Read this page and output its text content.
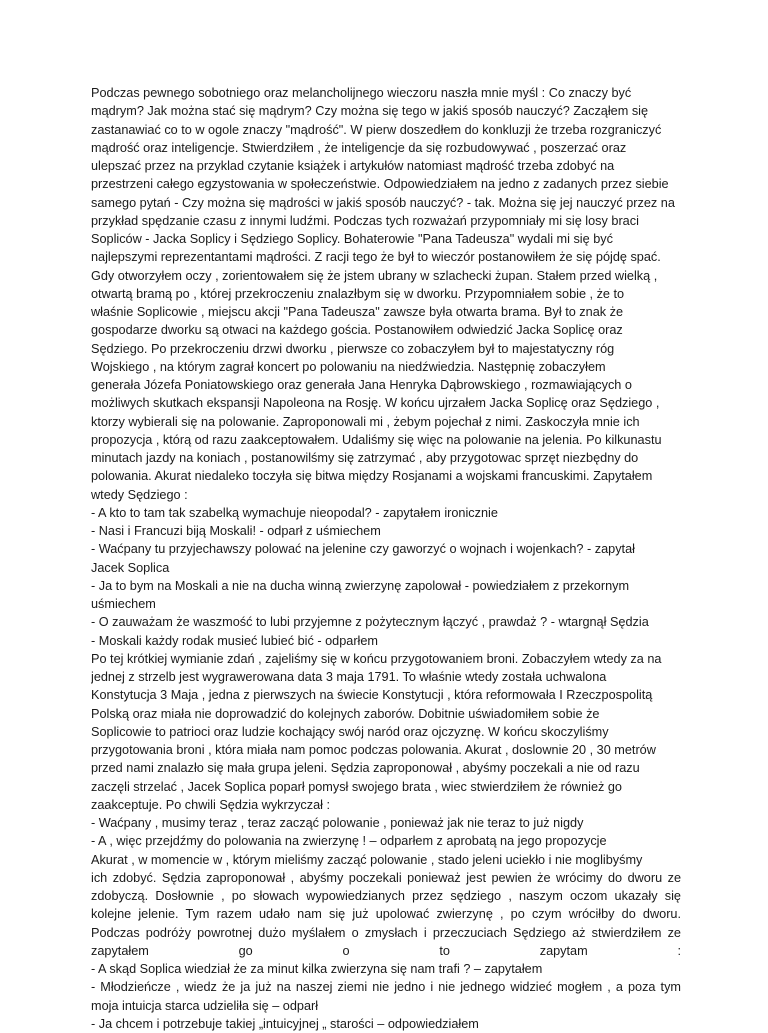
Podczas pewnego sobotniego oraz melancholijnego wieczoru naszła mnie myśl : Co znaczy być
mądrym? Jak można stać się mądrym? Czy można się tego w jakiś sposób nauczyć? Zacząłem się
zastanawiać co to w ogole znaczy "mądrość". W pierw doszedłem do konkluzji że trzeba rozgraniczyć
mądrość oraz inteligencje. Stwierdziłem , że inteligencje da się rozbudowywać , poszerzać oraz
ulepszać przez na przyklad czytanie książek i artykułów natomiast mądrość trzeba zdobyć na
przestrzeni całego egzystowania w społeczeństwie. Odpowiedziałem na jedno z zadanych przez siebie
samego pytań - Czy można się mądrości w jakiś sposób nauczyć? - tak. Można się jej nauczyć przez na
przykład spędzanie czasu z innymi ludźmi. Podczas tych rozważań przypomniały mi się losy braci
Sopliców - Jacka Soplicy i Sędziego Soplicy. Bohaterowie "Pana Tadeusza" wydali mi się być
najlepszymi reprezentantami mądrości. Z racji tego że był to wieczór postanowiłem że się pójdę spać.
Gdy otworzyłem oczy , zorientowałem się że jstem ubrany w szlachecki żupan. Stałem przed wielką ,
otwartą bramą po , której przekroczeniu znalazłbym się w dworku. Przypomniałem sobie , że to
właśnie Soplicowie , miejscu akcji "Pana Tadeusza" zawsze była otwarta brama. Był to znak że
gospodarze dworku są otwaci na każdego gościa. Postanowiłem odwiedzić Jacka Soplicę oraz
Sędziego. Po przekroczeniu drzwi dworku , pierwsze co zobaczyłem był to majestatyczny róg
Wojskiego , na którym zagrał koncert po polowaniu na niedźwiedzia. Następnię zobaczyłem
generała Józefa Poniatowskiego oraz generała Jana Henryka Dąbrowskiego , rozmawiających o
możliwych skutkach ekspansji Napoleona na Rosję. W końcu ujrzałem Jacka Soplicę oraz Sędziego ,
ktorzy wybierali się na polowanie. Zaproponowali mi , żebym pojechał z nimi. Zaskoczyła mnie ich
propozycja , którą od razu zaakceptowałem. Udaliśmy się więc na polowanie na jelenia. Po kilkunastu
minutach jazdy na koniach , postanowilśmy się zatrzymać , aby przygotowac sprzęt niezbędny do
polowania. Akurat niedaleko toczyła się bitwa między Rosjanami a wojskami francuskimi. Zapytałem
wtedy Sędziego :
- A kto to tam tak szabelką wymachuje nieopodal? - zapytałem ironicznie
- Nasi i Francuzi biją Moskali! - odparł z uśmiechem
- Waćpany tu przyjechawszy polować na jelenine czy gaworzyć o wojnach i wojenkach? - zapytał
Jacek Soplica
- Ja to bym na Moskali a nie na ducha winną zwierzynę zapolował - powiedziałem z przekornym
uśmiechem
- O zauważam że waszmość to lubi przyjemne z pożytecznym łączyć , prawdaż ? - wtargnął Sędzia
- Moskali każdy rodak musieć lubieć bić - odparłem
Po tej krótkiej wymianie zdań , zajeliśmy się w końcu przygotowaniem broni. Zobaczyłem wtedy za na
jednej z strzelb jest wygrawerowana data 3 maja 1791. To właśnie wtedy została uchwalona
Konstytucja 3 Maja , jedna z pierwszych na świecie Konstytucji , która reformowała I Rzeczpospolitą
Polską oraz miała nie doprowadzić do kolejnych zaborów. Dobitnie uświadomiłem sobie że
Soplicowie to patrioci oraz ludzie kochający swój naród oraz ojczyznę. W końcu skoczyliśmy
przygotowania broni , która miała nam pomoc podczas polowania. Akurat , doslownie 20 , 30 metrów
przed nami znalazło się mała grupa jeleni. Sędzia zaproponował , abyśmy poczekali a nie od razu
zaczęli strzelać , Jacek Soplica poparł pomysł swojego brata , wiec stwierdziłem że również go
zaakceptuje. Po chwili Sędzia wykrzyczał :
- Waćpany , musimy teraz , teraz zacząć polowanie , ponieważ jak nie teraz to już nigdy
- A , więc przejdźmy do polowania na zwierzynę ! – odparłem z aprobatą na jego propozycje
Akurat , w momencie w , którym mieliśmy zacząć polowanie , stado jeleni uciekło i nie moglibyśmy
ich zdobyć. Sędzia zaproponował , abyśmy poczekali ponieważ jest pewien że wrócimy do dworu ze
zdobyczą. Dosłownie , po słowach wypowiedzianych przez sędziego , naszym oczom ukazały się
kolejne jelenie. Tym razem udało nam się już upolować zwierzynę , po czym wróciłby do dworu.
Podczas podróży powrotnej dużo myślałem o zmysłach i przeczuciach Sędziego aż stwierdziłem ze
zapytałem go o to zapytam :
- A skąd Soplica wiedział że za minut kilka zwierzyna się nam trafi ? – zapytałem
- Młodzieńcze , wiedz że ja już na naszej ziemi nie jedno i nie jednego widzieć mogłem , a poza tym
moja intuicja starca udzieliła się – odparł
- Ja chcem i potrzebuje takiej „intuicyjnej „ starości – odpowiedziałem
